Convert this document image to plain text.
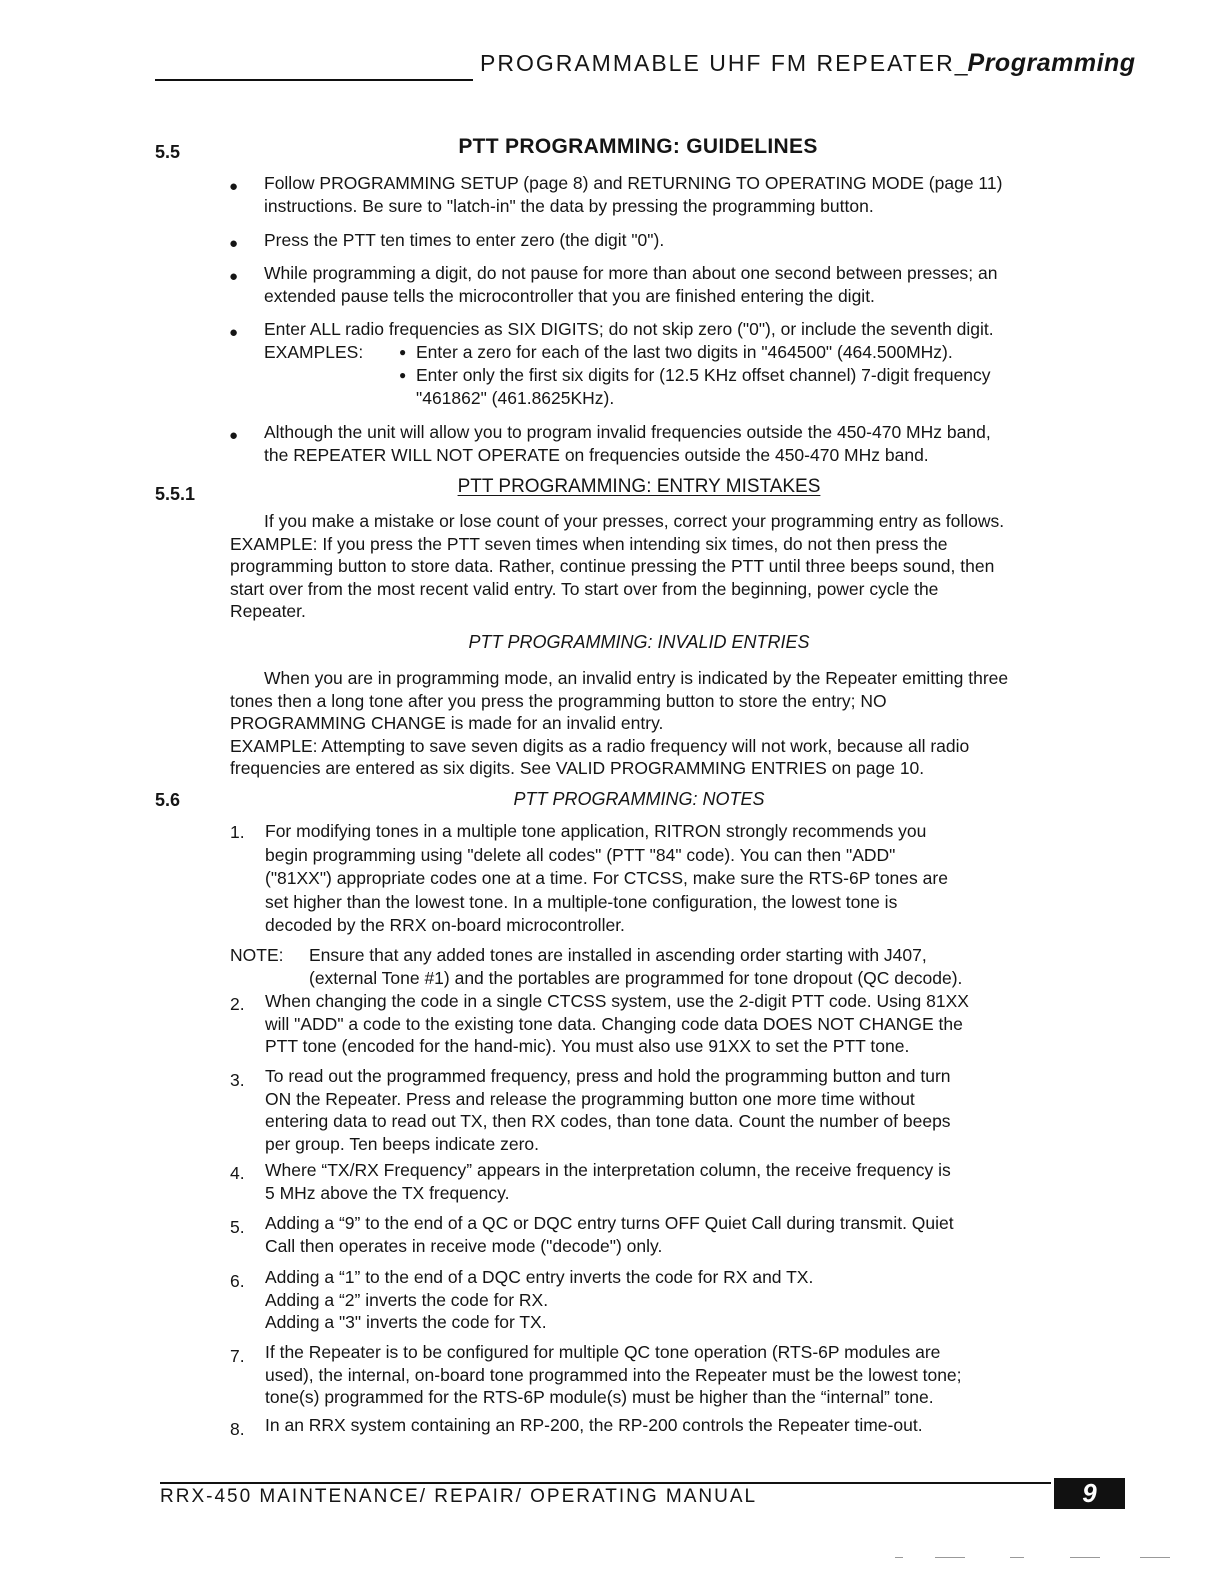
PROGRAMMABLE UHF FM REPEATER_Programming
5.5	PTT PROGRAMMING: GUIDELINES
● Follow PROGRAMMING SETUP (page 8) and RETURNING TO OPERATING MODE (page 11)
instructions. Be sure to "latch-in" the data by pressing the programming button.
● Press the PTT ten times to enter zero (the digit "0").
● While programming a digit, do not pause for more than about one second between presses; an
extended pause tells the microcontroller that you are finished entering the digit.
● Enter ALL radio frequencies as SIX DIGITS; do not skip zero ("0"), or include the seventh digit.
EXAMPLES:	● Enter a zero for each of the last two digits in "464500" (464.500MHz).
● Enter only the first six digits for (12.5 KHz offset channel) 7-digit frequency
"461862" (461.8625KHz).
● Although the unit will allow you to program invalid frequencies outside the 450-470 MHz band,
the REPEATER WILL NOT OPERATE on frequencies outside the 450-470 MHz band.
5.5.1	PTT PROGRAMMING: ENTRY MISTAKES
If you make a mistake or lose count of your presses, correct your programming entry as follows.
EXAMPLE: If you press the PTT seven times when intending six times, do not then press the
programming button to store data. Rather, continue pressing the PTT until three beeps sound, then
start over from the most recent valid entry. To start over from the beginning, power cycle the
Repeater.
PTT PROGRAMMING: INVALID ENTRIES
When you are in programming mode, an invalid entry is indicated by the Repeater emitting three
tones then a long tone after you press the programming button to store the entry; NO
PROGRAMMING CHANGE is made for an invalid entry.
EXAMPLE: Attempting to save seven digits as a radio frequency will not work, because all radio
frequencies are entered as six digits. See VALID PROGRAMMING ENTRIES on page 10.
5.6	PTT PROGRAMMING: NOTES
1. For modifying tones in a multiple tone application, RITRON strongly recommends you
begin programming using "delete all codes" (PTT "84" code). You can then "ADD"
("81XX") appropriate codes one at a time. For CTCSS, make sure the RTS-6P tones are
set higher than the lowest tone. In a multiple-tone configuration, the lowest tone is
decoded by the RRX on-board microcontroller.
NOTE: Ensure that any added tones are installed in ascending order starting with J407,
(external Tone #1) and the portables are programmed for tone dropout (QC decode).
2. When changing the code in a single CTCSS system, use the 2-digit PTT code. Using 81XX
will "ADD" a code to the existing tone data. Changing code data DOES NOT CHANGE the
PTT tone (encoded for the hand-mic). You must also use 91XX to set the PTT tone.
3. To read out the programmed frequency, press and hold the programming button and turn
ON the Repeater. Press and release the programming button one more time without
entering data to read out TX, then RX codes, than tone data. Count the number of beeps
per group. Ten beeps indicate zero.
4. Where “TX/RX Frequency” appears in the interpretation column, the receive frequency is
5 MHz above the TX frequency.
5. Adding a “9” to the end of a QC or DQC entry turns OFF Quiet Call during transmit. Quiet
Call then operates in receive mode ("decode") only.
6. Adding a “1” to the end of a DQC entry inverts the code for RX and TX.
Adding a “2” inverts the code for RX.
Adding a "3" inverts the code for TX.
7. If the Repeater is to be configured for multiple QC tone operation (RTS-6P modules are
used), the internal, on-board tone programmed into the Repeater must be the lowest tone;
tone(s) programmed for the RTS-6P module(s) must be higher than the “internal” tone.
8. In an RRX system containing an RP-200, the RP-200 controls the Repeater time-out.
RRX-450 MAINTENANCE/ REPAIR/ OPERATING MANUAL	9
